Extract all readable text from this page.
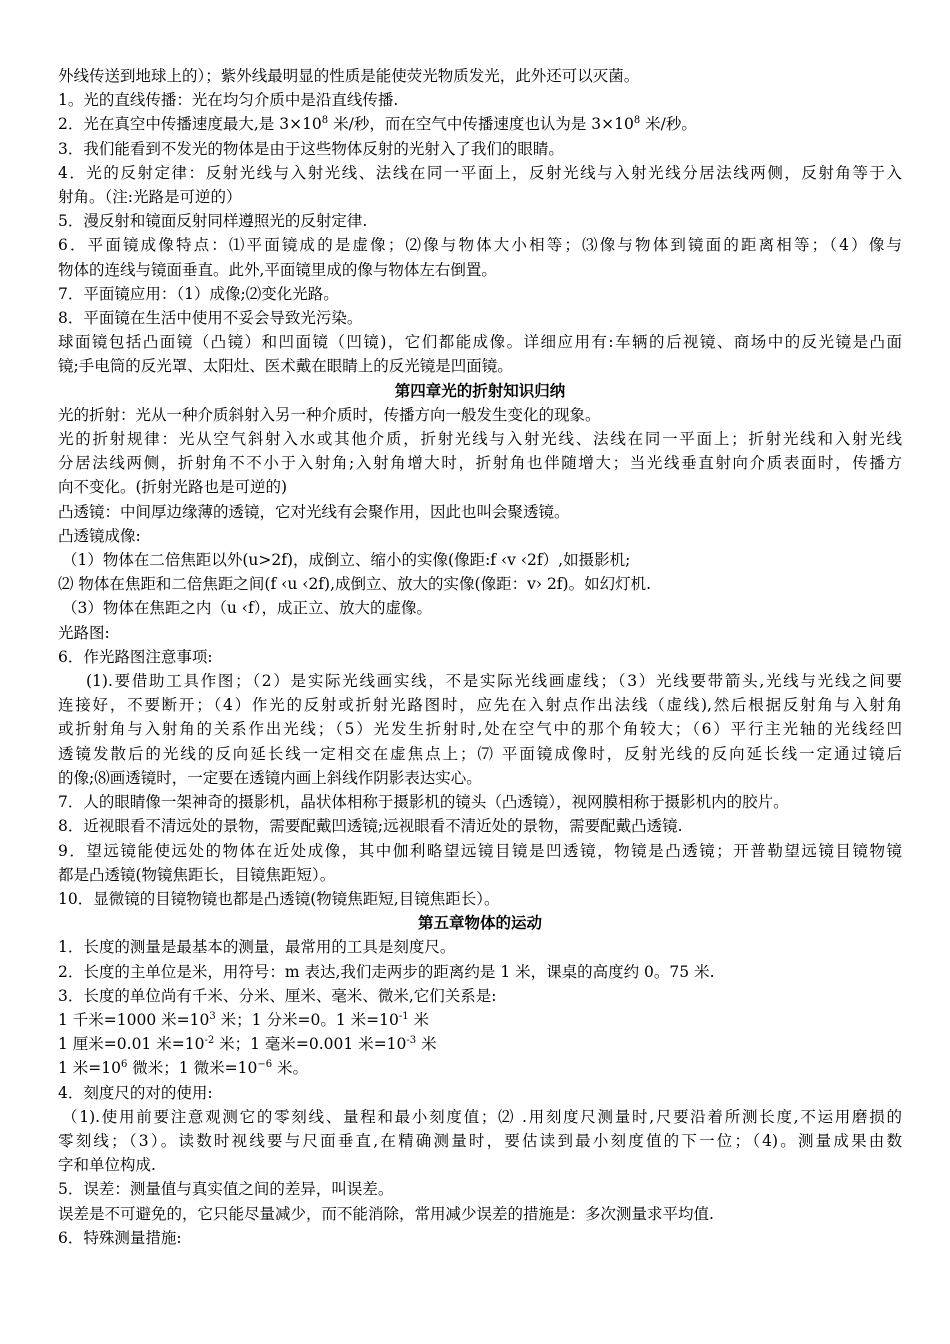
外线传送到地球上的）；紫外线最明显的性质是能使荧光物质发光，此外还可以灭菌。
1。光的直线传播：光在均匀介质中是沿直线传播.
2．光在真空中传播速度最大,是 $3\times 10^8$ 米/秒，而在空气中传播速度也认为是 $3\times 10^8$ 米/秒。
3．我们能看到不发光的物体是由于这些物体反射的光射入了我们的眼睛。
4．光的反射定律：反射光线与入射光线、法线在同一平面上，反射光线与入射光线分居法线两侧，反射角等于入
射角。（注:光路是可逆的）
5．漫反射和镜面反射同样遵照光的反射定律.
6．平面镜成像特点：⑴平面镜成的是虚像；⑵像与物体大小相等；⑶像与物体到镜面的距离相等；（4）像与
物体的连线与镜面垂直。此外,平面镜里成的像与物体左右倒置。
7．平面镜应用：（1）成像;⑵变化光路。
8．平面镜在生活中使用不妥会导致光污染。
球面镜包括凸面镜（凸镜）和凹面镜（凹镜)，它们都能成像。详细应用有:车辆的后视镜、商场中的反光镜是凸面
镜;手电筒的反光罩、太阳灶、医术戴在眼睛上的反光镜是凹面镜。
第四章光的折射知识归纳
光的折射：光从一种介质斜射入另一种介质时，传播方向一般发生变化的现象。
光的折射规律：光从空气斜射入水或其他介质，折射光线与入射光线、法线在同一平面上；折射光线和入射光线
分居法线两侧，折射角不不小于入射角;入射角增大时，折射角也伴随增大；当光线垂直射向介质表面时，传播方
向不变化。(折射光路也是可逆的)
凸透镜：中间厚边缘薄的透镜，它对光线有会聚作用，因此也叫会聚透镜。
凸透镜成像:
（1）物体在二倍焦距以外(u>2f)，成倒立、缩小的实像(像距:f ‹v ‹2f）,如摄影机;
⑵ 物体在焦距和二倍焦距之间(f ‹u ‹2f),成倒立、放大的实像(像距：v› 2f)。如幻灯机.
（3）物体在焦距之内（u ‹f），成正立、放大的虚像。
光路图:
6．作光路图注意事项:
(1).要借助工具作图；（2）是实际光线画实线，不是实际光线画虚线；（3）光线要带箭头,光线与光线之间要
连接好，不要断开；（4）作光的反射或折射光路图时，应先在入射点作出法线（虚线),然后根据反射角与入射角
或折射角与入射角的关系作出光线；（5）光发生折射时,处在空气中的那个角较大；（6）平行主光轴的光线经凹
透镜发散后的光线的反向延长线一定相交在虚焦点上；⑺ 平面镜成像时，反射光线的反向延长线一定通过镜后
的像;⑻画透镜时，一定要在透镜内画上斜线作阴影表达实心。
7．人的眼睛像一架神奇的摄影机，晶状体相称于摄影机的镜头（凸透镜），视网膜相称于摄影机内的胶片。
8．近视眼看不清远处的景物，需要配戴凹透镜;远视眼看不清近处的景物，需要配戴凸透镜.
9．望远镜能使远处的物体在近处成像，其中伽利略望远镜目镜是凹透镜，物镜是凸透镜；开普勒望远镜目镜物镜
都是凸透镜(物镜焦距长，目镜焦距短）。
10．显微镜的目镜物镜也都是凸透镜(物镜焦距短,目镜焦距长）。
第五章物体的运动
1．长度的测量是最基本的测量，最常用的工具是刻度尺。
2．长度的主单位是米，用符号：m 表达,我们走两步的距离约是 1 米，课桌的高度约 0。75 米.
3．长度的单位尚有千米、分米、厘米、毫米、微米,它们关系是:
1 千米=1000 米$=10^3$ 米；1 分米=0。1 米$=10^{-1}$ 米
1 厘米=0.01 米$=10^{-2}$ 米；1 毫米=0.001 米$=10^{-3}$ 米
1 米$=10^6$ 微米；1 微米$=10^{-6}$ 米。
4．刻度尺的对的使用:
（1).使用前要注意观测它的零刻线、量程和最小刻度值；⑵ .用刻度尺测量时,尺要沿着所测长度,不运用磨损的
零刻线；（3）。读数时视线要与尺面垂直,在精确测量时，要估读到最小刻度值的下一位；（4)。测量成果由数
字和单位构成.
5．误差：测量值与真实值之间的差异，叫误差。
误差是不可避免的，它只能尽量减少，而不能消除，常用减少误差的措施是：多次测量求平均值.
6．特殊测量措施:
